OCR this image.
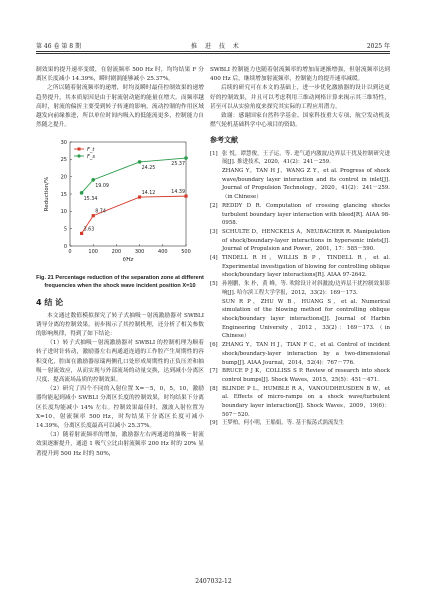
第 46 卷 第 8 期	推 进 技 术	2025 年

制效果的提升速率变缓，在射流频率 500 Hz 时，均均结果 F 分离区长度减小 14.39%，瞬时剧涡能够减小 25.37%。

之所以随着射流频率的递增，时均及瞬时最佳控制效果的递增趋势提升，其本质原因是由于射流射动能的能量在增大。而频率越高时，射流的偏折主要受到转子转速的影响，流动控制的作用区域越发向前缘推进，所以单位时间内吸入的低能流更多，控制能力自然随之提升。

0	100	200	300	400	500
0
5
10
15
20
25
30
f/Hz
Reduction/%
3.63
8.74
14.12	14.39
15.34
19.09
24.25
25.37
F_t
F_s
Fig. 21 Percentage reduction of the separation zone at different frequencies when the shock wave incident position X=10
4 结 论

本文通过数值模拟探究了转子式抽吸－射流激励器对 SWBLI 诱导分离的控制效果，初步揭示了其控制机理，还分析了相关参数的影响规律，得到了如下结论：

（1）转子式抽吸－射流激励器对 SWBLI 的控制机理为顺着转子进时针转动，激励器左右两通道连通的工作腔产生周期性的容积变化，腔面在激励器原瑞两侧孔口处形成周期性的正负压差和抽吸－射流效应，从而实现与外部流场的动量交换，达到减小分离区尺度、提高流场品质的控制效果。

（2）研究了四个不同的入射位置 X=－5，0，5，10，激励器均能起到减小 SWBLI 分离区长度的控制效果，时均结果下分离区长度均能减小 14% 左右。控制效果最佳时，激波入射位置为 X=10，射流频率 500 Hz，时均结果下分离区长度可减小 14.39%，分离区长度最高可以减小 25.37%。

（3）随着射流频率的增加，激励器左右两通道的抽吸－射流效果逐渐提升，通道 1 吸气立比由射流频率 200 Hz 时的 20% 显著提升到 500 Hz 时的 50%，

SWBLI 控制能力也随着射流频率的增加而逐渐增强，但射流频率达到 400 Hz 后，继续增加射流频率，控制能力的提升速率减缓。

后续的研究可在本文的基础上，进一步优化激励器的设计以到达更好的控制效果，并且可以考虑利用三维动网格计算来揭示其三维特性，甚至可以从实验角度来探究其实际的工程应用潜力。

致谢：感谢国家自然科学基金、国家科技重大专项、航空发动机及燃气轮机基础科学中心项目的资助。

参考文献

[1] 张 悦，谭慧俊，王子运，等. 进气道内激波/边界层干扰及控制研究进展[J]. 推进技术，2020，41(2)：241－259.

ZHANG Y，TAN H J，WANG Z Y，et al. Progress of shock wave/boundary layer interaction and its control in inlet[J]. Journal of Propulsion Technology，2020，41(2)：241－259.（in Chinese）

[2] REDDY D R. Computation of crossing glancing shocks turbulent boundary layer interaction with bleed[R]. AIAA 98-0958.

[3] SCHULTE D，HENCKELS A，NEUBACHER R. Manipulation of shock/boundary-layer interactions in hypersonic inlets[J]. Journal of Propulsion and Power，2001，17：585－590.

[4] TINDELL R H，WILLIS B P，TINDELL R，et al. Experimental investigation of blowing for controlling oblique shock/boundary layer interactions[R]. AIAA 97-2642.

[5] 孙刚鹏，朱 朴，黄 峰，等. 吹除设计对斜激波/边界层干扰控制效果影响[J]. 哈尔滨工程大学学报，2012，33(2)：169－173.

SUN R P，ZHU W B，HUANG S，et al. Numerical simulation of the blowing method for controlling oblique shock/boundary layer interactions[J]. Journal of Harbin Engineering University，2012，33(2)：169－173.（in Chinese）

[6] ZHANG Y，TAN H J，TIAN F C，et al. Control of incident shock/boundary-layer interaction by a two-dimensional bump[J]. AIAA Journal，2014，52(4)：767－776.

[7] BRUCE P J K，COLLISS S P. Review of research into shock control bumps[J]. Shock Waves，2015，25(5)：451－471.

[8] BLINDE P L，HUMBLE R A，VANOUDHEUSDEN B W，et al. Effects of micro-ramps on a shock wave/turbulent boundary layer interaction[J]. Shock Waves，2009，19(6)：507－520.

[9] 王梦柏，何小明，王船娟，等. 基于振荡式涡流发生

2407032-12
